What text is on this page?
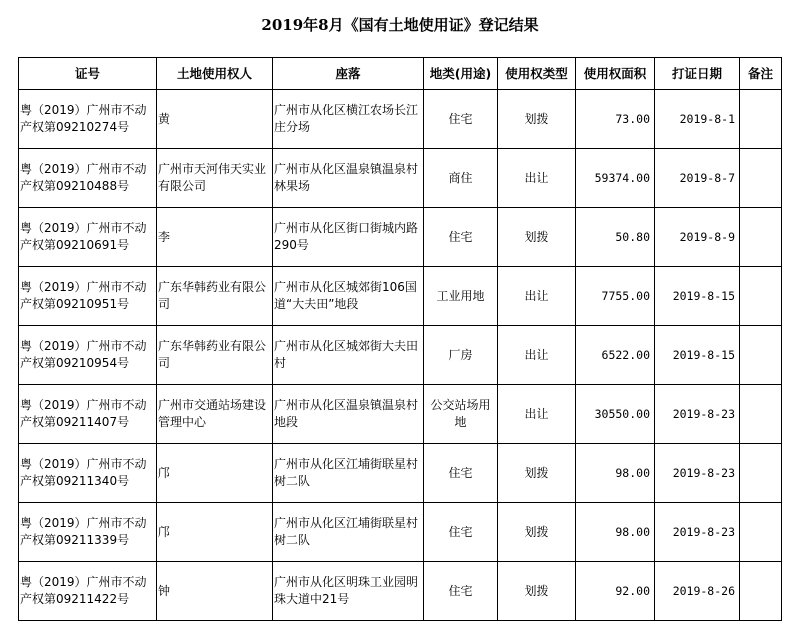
2019年8月《国有土地使用证》登记结果
证号	土地使用权人	座落	地类(用途)	使用权类型	使用权面积	打证日期	备注
粤（2019）广州市不动产权第09210274号	黄	广州市从化区横江农场长江庄分场	住宅	划拨	73.00	2019-8-1	
粤（2019）广州市不动产权第09210488号	广州市天河伟天实业有限公司	广州市从化区温泉镇温泉村林果场	商住	出让	59374.00	2019-8-7	
粤（2019）广州市不动产权第09210691号	李	广州市从化区街口街城内路290号	住宅	划拨	50.80	2019-8-9	
粤（2019）广州市不动产权第09210951号	广东华韩药业有限公司	广州市从化区城郊街106国道“大夫田”地段	工业用地	出让	7755.00	2019-8-15	
粤（2019）广州市不动产权第09210954号	广东华韩药业有限公司	广州市从化区城郊街大夫田村	厂房	出让	6522.00	2019-8-15	
粤（2019）广州市不动产权第09211407号	广州市交通站场建设管理中心	广州市从化区温泉镇温泉村地段	公交站场用地	出让	30550.00	2019-8-23	
粤（2019）广州市不动产权第09211340号	邝	广州市从化区江埔街联星村树二队	住宅	划拨	98.00	2019-8-23	
粤（2019）广州市不动产权第09211339号	邝	广州市从化区江埔街联星村树二队	住宅	划拨	98.00	2019-8-23	
粤（2019）广州市不动产权第09211422号	钟	广州市从化区明珠工业园明珠大道中21号	住宅	划拨	92.00	2019-8-26	
